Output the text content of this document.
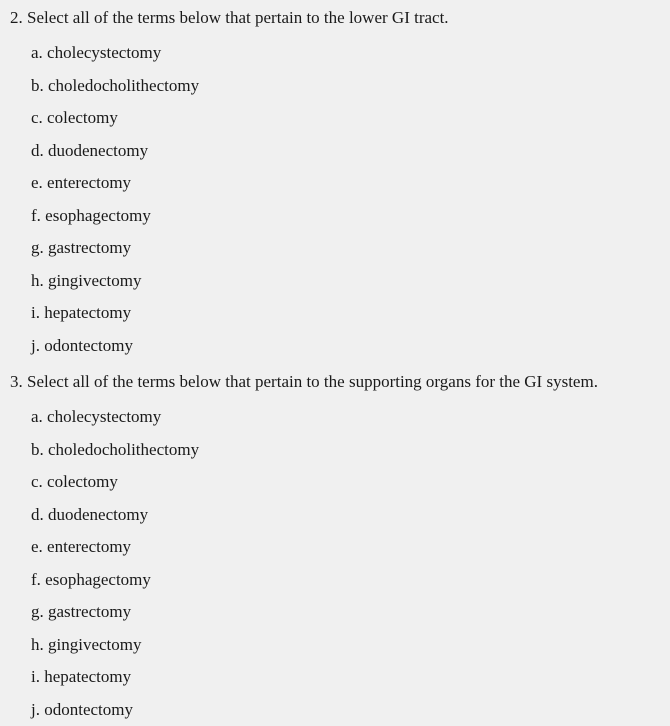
2. Select all of the terms below that pertain to the lower GI tract.

a. cholecystectomy
b. choledocholithectomy
c. colectomy
d. duodenectomy
e. enterectomy
f. esophagectomy
g. gastrectomy
h. gingivectomy
i. hepatectomy
j. odontectomy

3. Select all of the terms below that pertain to the supporting organs for the GI system.

a. cholecystectomy
b. choledocholithectomy
c. colectomy
d. duodenectomy
e. enterectomy
f. esophagectomy
g. gastrectomy
h. gingivectomy
i. hepatectomy
j. odontectomy
